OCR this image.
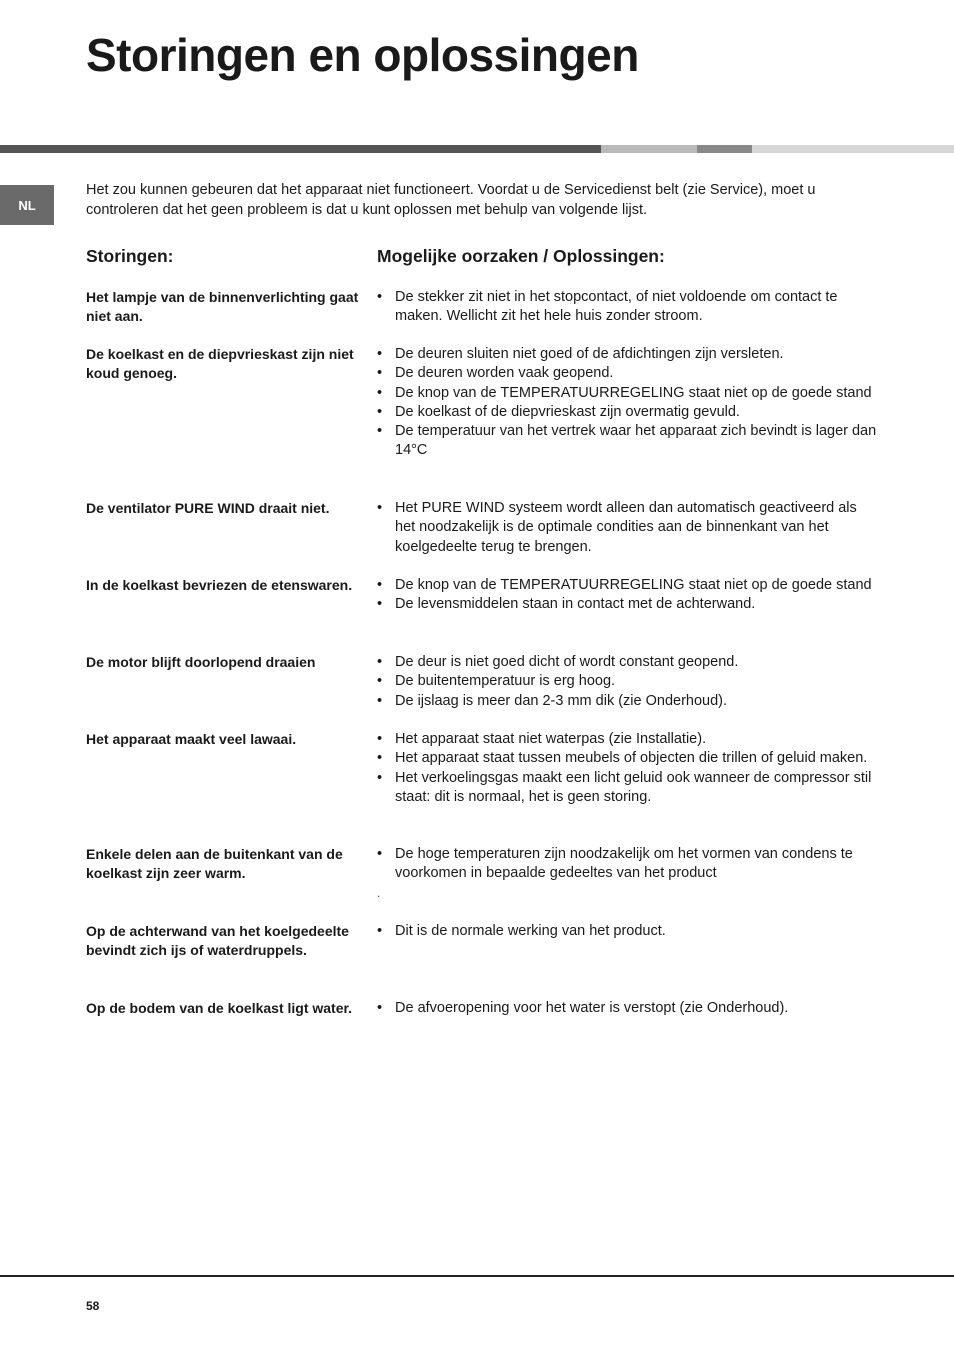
Storingen en oplossingen
NL

Het zou kunnen gebeuren dat het apparaat niet functioneert. Voordat u de Servicedienst belt (zie Service), moet u controleren dat het geen probleem is dat u kunt oplossen met behulp van volgende lijst.

Storingen:	Mogelijke oorzaken / Oplossingen:
Het lampje van de binnenverlichting gaat niet aan.
• De stekker zit niet in het stopcontact, of niet voldoende om contact te maken. Wellicht zit het hele huis zonder stroom.
De koelkast en de diepvrieskast zijn niet koud genoeg.
• De deuren sluiten niet goed of de afdichtingen zijn versleten.
• De deuren worden vaak geopend.
• De knop van de TEMPERATUURREGELING staat niet op de goede stand
• De koelkast of de diepvrieskast zijn overmatig gevuld.
• De temperatuur van het vertrek waar het apparaat zich bevindt is lager dan 14°C
De ventilator PURE WIND draait niet.	• Het PURE WIND systeem wordt alleen dan automatisch geactiveerd als het noodzakelijk is de optimale condities aan de binnenkant van het koelgedeelte terug te brengen.
In de koelkast bevriezen de etenswaren.	• De knop van de TEMPERATUURREGELING staat niet op de goede stand
• De levensmiddelen staan in contact met de achterwand.
De motor blijft doorlopend draaien	• De deur is niet goed dicht of wordt constant geopend.
• De buitentemperatuur is erg hoog.
• De ijslaag is meer dan 2-3 mm dik (zie Onderhoud).
Het apparaat maakt veel lawaai.	• Het apparaat staat niet waterpas (zie Installatie).
• Het apparaat staat tussen meubels of objecten die trillen of geluid maken.
• Het verkoelingsgas maakt een licht geluid ook wanneer de compressor stil staat: dit is normaal, het is geen storing.
Enkele delen aan de buitenkant van de koelkast zijn zeer warm.
• De hoge temperaturen zijn noodzakelijk om het vormen van condens te voorkomen in bepaalde gedeeltes van het product
.
Op de achterwand van het koelgedeelte bevindt zich ijs of waterdruppels.
• Dit is de normale werking van het product.
Op de bodem van de koelkast ligt water.	• De afvoeropening voor het water is verstopt (zie Onderhoud).
58
